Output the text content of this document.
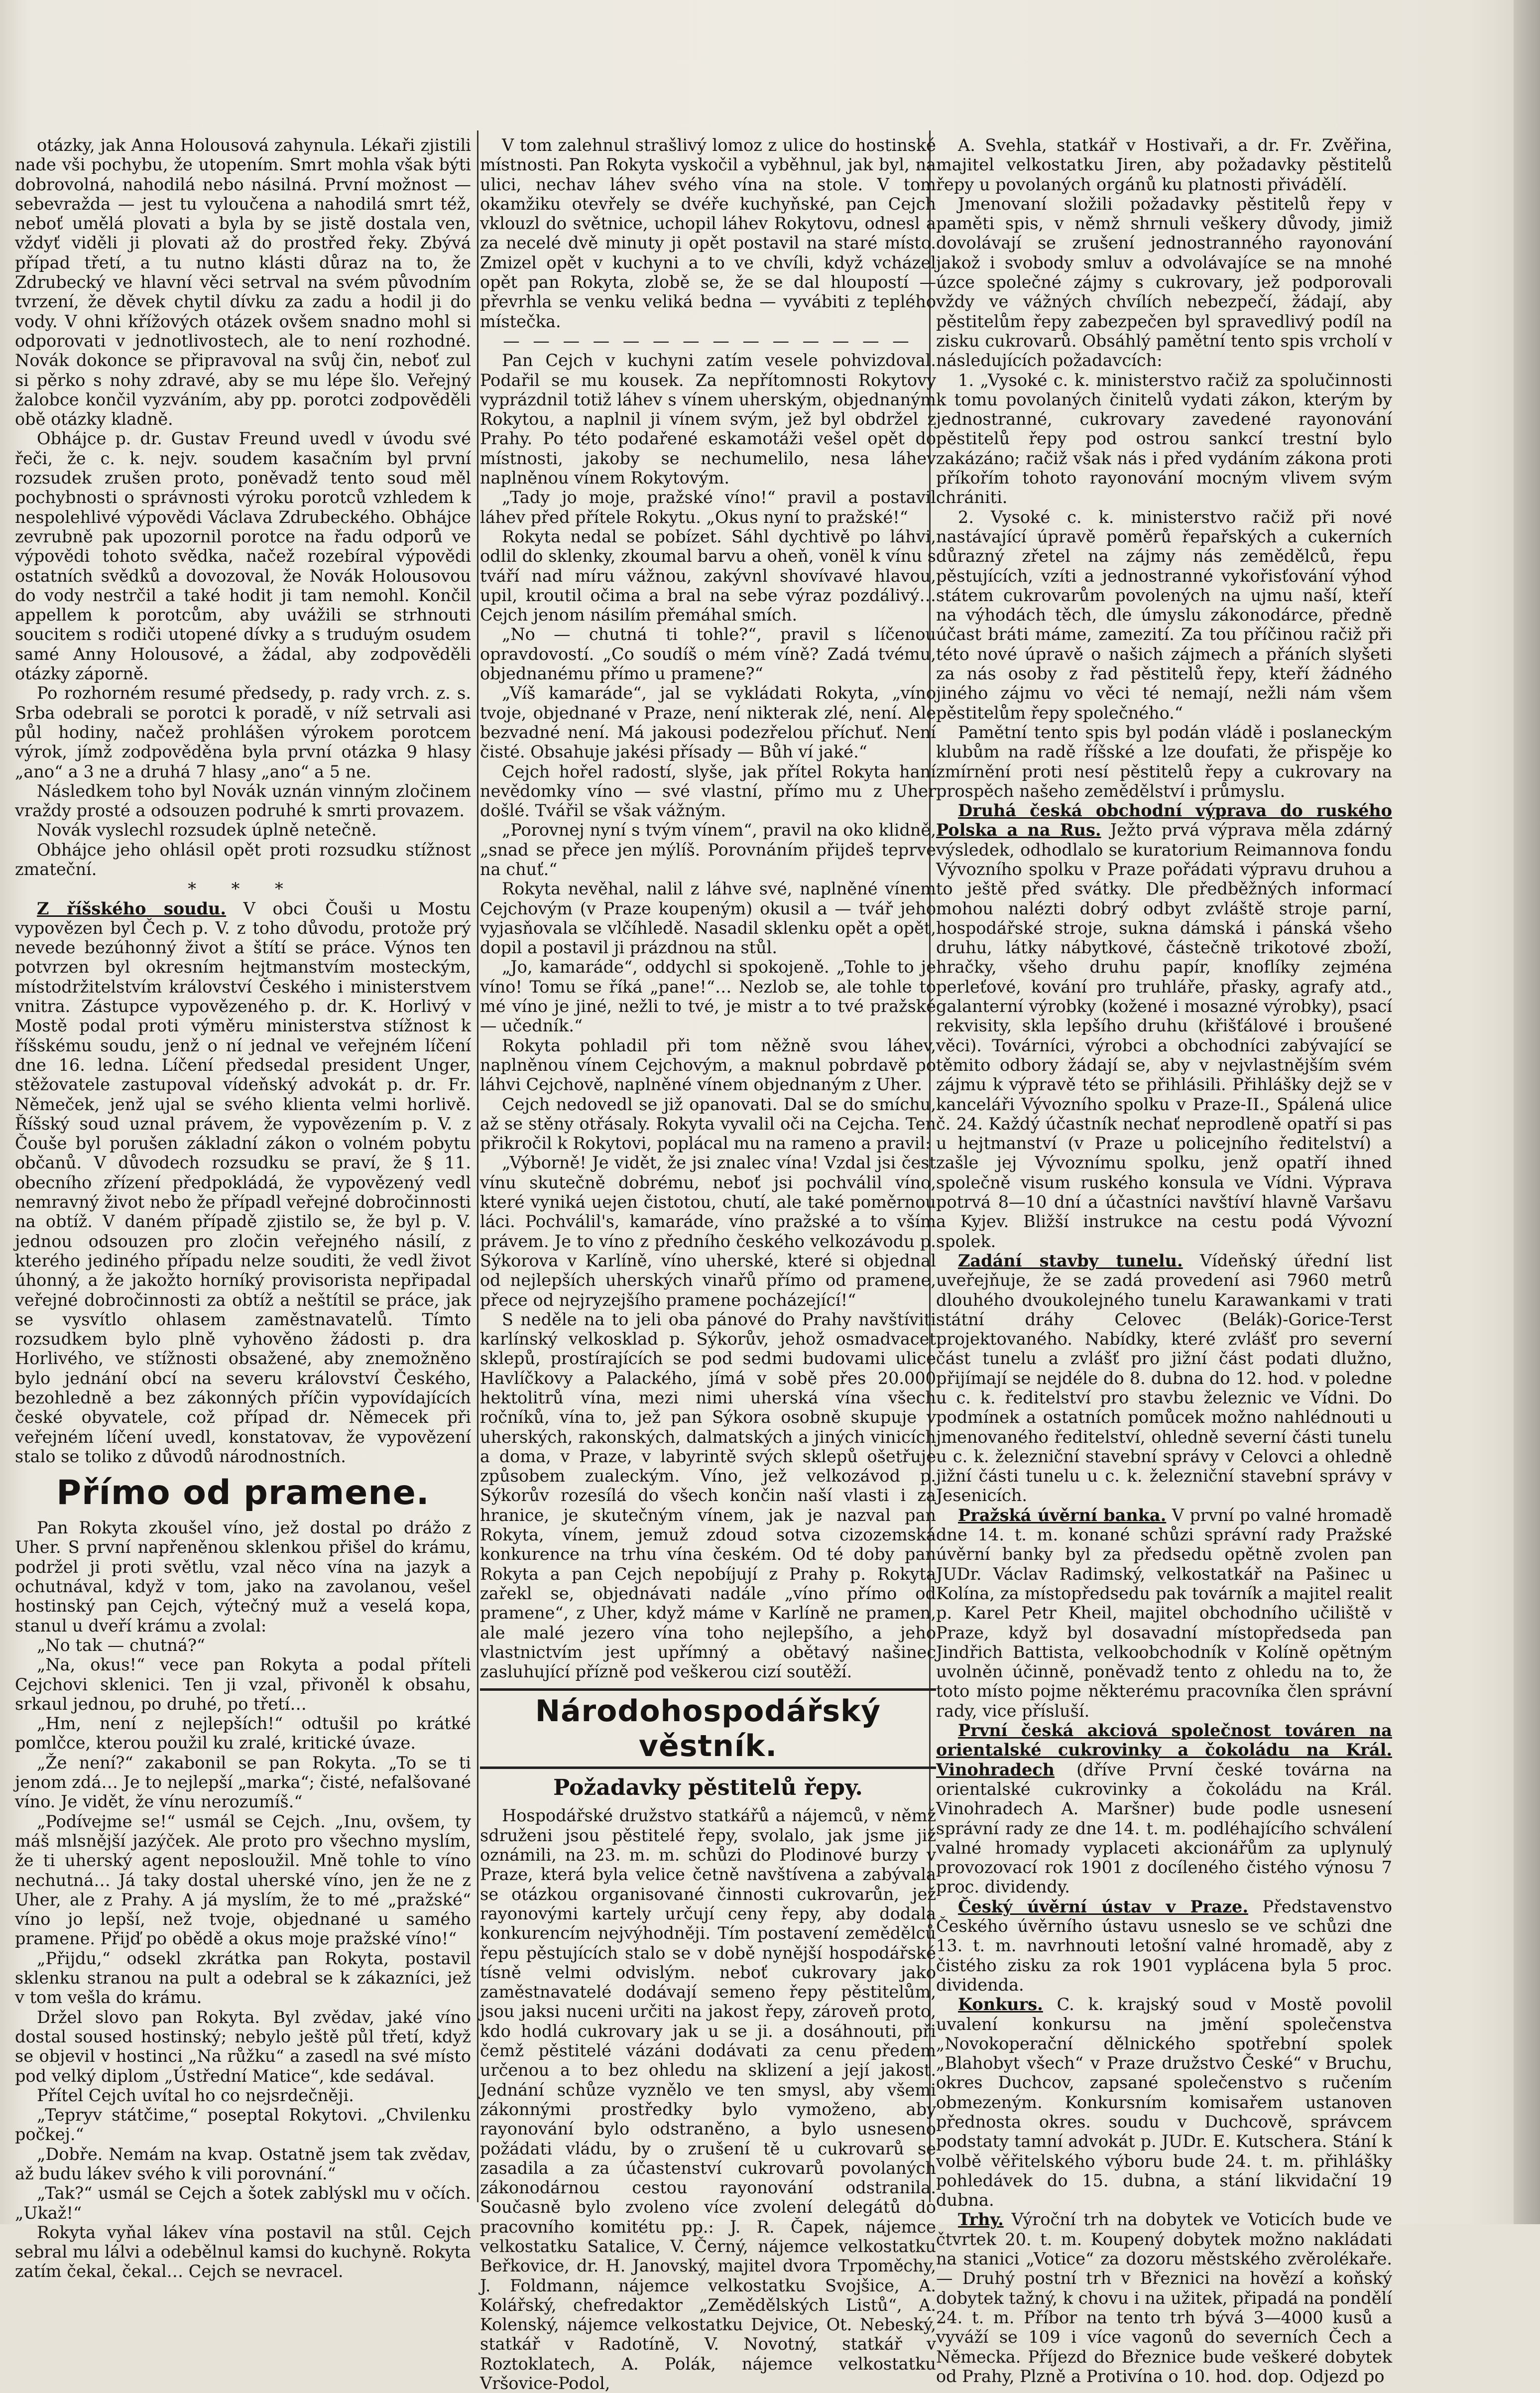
otázky, jak Anna Holousová zahynula. Lékaři zjistili nade vši pochybu, že utopením. Smrt mohla však býti dobrovolná, nahodilá nebo násilná. První možnost — sebevražda — jest tu vyloučena a nahodilá smrt též, neboť umělá plovati a byla by se jistě dostala ven, vždyť viděli ji plovati až do prostřed řeky. Zbývá případ třetí, a tu nutno klásti důraz na to, že Zdrubecký ve hlavní věci setrval na svém původním tvrzení, že děvek chytil dívku za zadu a hodil ji do vody. V ohni křížových otázek ovšem snadno mohl si odporovati v jednotlivostech, ale to není rozhodné. Novák dokonce se připravoval na svůj čin, neboť zul si pěrko s nohy zdravé, aby se mu lépe šlo. Veřejný žalobce končil vyzváním, aby pp. porotci zodpověděli obě otázky kladně.

Obhájce p. dr. Gustav Freund uvedl v úvodu své řeči, že c. k. nejv. soudem kasačním byl první rozsudek zrušen proto, poněvadž tento soud měl pochybnosti o správnosti výroku porotců vzhledem k nespolehlivé výpovědi Václava Zdrubeckého. Obhájce zevrubně pak upozornil porotce na řadu odporů ve výpovědi tohoto svědka, načež rozebíral výpovědi ostatních svědků a dovozoval, že Novák Holousovou do vody nestrčil a také hodit ji tam nemohl. Končil appellem k porotcům, aby uvážili se strhnouti soucitem s rodiči utopené dívky a s truduým osudem samé Anny Holousové, a žádal, aby zodpověděli otázky záporně.

Po rozhorném resumé předsedy, p. rady vrch. z. s. Srba odebrali se porotci k poradě, v níž setrvali asi půl hodiny, načež prohlášen výrokem porotcem výrok, jímž zodpověděna byla první otázka 9 hlasy „ano“ a 3 ne a druhá 7 hlasy „ano“ a 5 ne.

Následkem toho byl Novák uznán vinným zločinem vraždy prosté a odsouzen podruhé k smrti provazem.

Novák vyslechl rozsudek úplně netečně.

Obhájce jeho ohlásil opět proti rozsudku stížnost zmateční.

* * *

Z říšského soudu. V obci Čouši u Mostu vypovězen byl Čech p. V. z toho důvodu, protože prý nevede bezúhonný život a štítí se práce. Výnos ten potvrzen byl okresním hejtmanstvím mosteckým, místodržitelstvím království Českého i ministerstvem vnitra. Zástupce vypovězeného p. dr. K. Horlivý v Mostě podal proti výměru ministerstva stížnost k říšskému soudu, jenž o ní jednal ve veřejném líčení dne 16. ledna. Líčení předsedal president Unger, stěžovatele zastupoval vídeňský advokát p. dr. Fr. Němeček, jenž ujal se svého klienta velmi horlivě. Říšský soud uznal právem, že vypovězením p. V. z Čouše byl porušen základní zákon o volném pobytu občanů. V důvodech rozsudku se praví, že § 11. obecního zřízení předpokládá, že vypovězený vedl nemravný život nebo že případl veřejné dobročinnosti na obtíž. V daném případě zjistilo se, že byl p. V. jednou odsouzen pro zločin veřejného násilí, z kterého jediného případu nelze souditi, že vedl život úhonný, a že jakožto horníký provisorista nepřipadal veřejné dobročinnosti za obtíž a neštítil se práce, jak se vysvítlo ohlasem zaměstnavatelů. Tímto rozsudkem bylo plně vyhověno žádosti p. dra Horlivého, ve stížnosti obsažené, aby znemožněno bylo jednání obcí na severu království Českého, bezohledně a bez zákonných příčin vypovídajících české obyvatele, což případ dr. Němecek při veřejném líčení uvedl, konstatovav, že vypovězení stalo se toliko z důvodů národnostních.

Přímo od pramene.

Pan Rokyta zkoušel víno, jež dostal po drážo z Uher. S první napřeněnou sklenkou přišel do krámu, podržel ji proti světlu, vzal něco vína na jazyk a ochutnával, když v tom, jako na zavolanou, vešel hostinský pan Cejch, výtečný muž a veselá kopa, stanul u dveří krámu a zvolal:

„No tak — chutná?“

„Na, okus!“ vece pan Rokyta a podal příteli Cejchovi sklenici. Ten ji vzal, přivoněl k obsahu, srkaul jednou, po druhé, po třetí…

„Hm, není z nejlepších!“ odtušil po krátké pomlčce, kterou použil ku zralé, kritické úvaze.

„Že není?“ zakabonil se pan Rokyta. „To se ti jenom zdá… Je to nejlepší „marka“; čisté, nefalšované víno. Je vidět, že vínu nerozumíš.“

„Podívejme se!“ usmál se Cejch. „Inu, ovšem, ty máš mlsnější jazýček. Ale proto pro všechno myslím, že ti uherský agent neposloužil. Mně tohle to víno nechutná… Já taky dostal uherské víno, jen že ne z Uher, ale z Prahy. A já myslím, že to mé „pražské“ víno jo lepší, než tvoje, objednané u samého pramene. Přijď po obědě a okus moje pražské víno!“

„Přijdu,“ odsekl zkrátka pan Rokyta, postavil sklenku stranou na pult a odebral se k zákazníci, jež v tom vešla do krámu.

Držel slovo pan Rokyta. Byl zvědav, jaké víno dostal soused hostinský; nebylo ještě půl třetí, když se objevil v hostinci „Na růžku“ a zasedl na své místo pod velký diplom „Ústřední Matice“, kde sedával.

Přítel Cejch uvítal ho co nejsrdečněji.

„Tepryv státčime,“ poseptal Rokytovi. „Chvilenku počkej.“

„Dobře. Nemám na kvap. Ostatně jsem tak zvědav, až budu lákev svého k vili porovnání.“

„Tak?“ usmál se Cejch a šotek zablýskl mu v očích. „Ukaž!“

Rokyta vyňal lákev vína postavil na stůl. Cejch sebral mu lálvi a odebělnul kamsi do kuchyně. Rokyta zatím čekal, čekal… Cejch se nevracel.

V tom zalehnul strašlivý lomoz z ulice do hostinské místnosti. Pan Rokyta vyskočil a vyběhnul, jak byl, na ulici, nechav láhev svého vína na stole. V tom okamžiku otevřely se dvéře kuchyňské, pan Cejch vklouzl do světnice, uchopil láhev Rokytovu, odnesl a za necelé dvě minuty ji opět postavil na staré místo. Zmizel opět v kuchyni a to ve chvíli, když vcházel opět pan Rokyta, zlobě se, že se dal hloupostí — převrhla se venku veliká bedna — vyvábiti z teplého místečka.

— — — — — — — — — — — — — —

Pan Cejch v kuchyni zatím vesele pohvizdoval. Podařil se mu kousek. Za nepřítomnosti Rokytovy vyprázdnil totiž láhev s vínem uherským, objednaným Rokytou, a naplnil ji vínem svým, jež byl obdržel z Prahy. Po této podařené eskamotáži vešel opět do místnosti, jakoby se nechumelilo, nesa láhev naplněnou vínem Rokytovým.

„Tady jo moje, pražské víno!“ pravil a postavil láhev před přítele Rokytu. „Okus nyní to pražské!“

Rokyta nedal se pobízet. Sáhl dychtivě po láhvi, odlil do sklenky, zkoumal barvu a oheň, vonël k vínu s tváří nad míru vážnou, zakývnl shovívavé hlavou, upil, kroutil očima a bral na sebe výraz pozdálivý… Cejch jenom násilím přemáhal smích.

„No — chutná ti tohle?“, pravil s líčenou opravdovostí. „Co soudíš o mém víně? Zadá tvému, objednanému přímo u pramene?“

„Víš kamaráde“, jal se vykládati Rokyta, „víno tvoje, objednané v Praze, není nikterak zlé, není. Ale bezvadné není. Má jakousi podezřelou příchuť. Není čisté. Obsahuje jakési přísady — Bůh ví jaké.“

Cejch hořel radostí, slyše, jak přítel Rokyta haní nevědomky víno — své vlastní, přímo mu z Uher došlé. Tvářil se však vážným.

„Porovnej nyní s tvým vínem“, pravil na oko klidně, „snad se přece jen mýlíš. Porovnáním přijdeš teprve na chuť.“

Rokyta nevěhal, nalil z láhve své, naplněné vínem Cejchovým (v Praze koupeným) okusil a — tvář jeho vyjasňovala se vlčíhledě. Nasadil sklenku opět a opět, dopil a postavil ji prázdnou na stůl.

„Jo, kamaráde“, oddychl si spokojeně. „Tohle to je víno! Tomu se říká „pane!“… Nezlob se, ale tohle to mé víno je jiné, nežli to tvé, je mistr a to tvé pražské — učedník.“

Rokyta pohladil při tom něžně svou láhev, naplněnou vínem Cejchovým, a maknul pobrdavě po láhvi Cejchově, naplněné vínem objednaným z Uher.

Cejch nedovedl se již opanovati. Dal se do smíchu, až se stěny otřásaly. Rokyta vyvalil oči na Cejcha. Ten přikročil k Rokytovi, poplácal mu na rameno a pravil:

„Výborně! Je vidět, že jsi znalec vína! Vzdal jsi čest vínu skutečně dobrému, neboť jsi pochválil víno, které vyniká uejen čistotou, chutí, ale také poměrnou láci. Pochválil's, kamaráde, víno pražské a to vším právem. Je to víno z předního českého velkozávodu p. Sýkorova v Karlíně, víno uherské, které si objednal od nejlepších uherských vinařů přímo od pramene, přece od nejryzejšího pramene pocházející!“

S neděle na to jeli oba pánové do Prahy navštíviti karlínský velkosklad p. Sýkorův, jehož osmadvacet sklepů, prostírajících se pod sedmi budovami ulice Havlíčkovy a Palackého, jímá v sobě přes 20.000 hektolitrů vína, mezi nimi uherská vína všech ročníků, vína to, jež pan Sýkora osobně skupuje v uherských, rakonských, dalmatských a jiných vinicích a doma, v Praze, v labyrintě svých sklepů ošetřuje způsobem zualeckým. Víno, jež velkozávod p. Sýkorův rozesílá do všech končin naší vlasti i za hranice, je skutečným vínem, jak je nazval pan Rokyta, vínem, jemuž zdoud sotva cizozemská konkurence na trhu vína českém. Od té doby pan Rokyta a pan Cejch nepobíjují z Prahy p. Rokyta zařekl se, objednávati nadále „víno přímo od pramene“, z Uher, když máme v Karlíně ne pramen, ale malé jezero vína toho nejlepšího, a jeho vlastnictvím jest upřímný a obětavý našinec zasluhující přízně pod veškerou cizí soutěží.

Národohospodářský věstník.
Požadavky pěstitelů řepy.

Hospodářské družstvo statkářů a nájemců, v němž sdruženi jsou pěstitelé řepy, svolalo, jak jsme již oznámili, na 23. m. m. schůzi do Plodinové burzy v Praze, která byla velice četně navštívena a zabývala se otázkou organisované činnosti cukrovarůn, jež rayonovými kartely určují ceny řepy, aby dodala konkurencím nejvýhodněji. Tím postavení zemědělců řepu pěstujících stalo se v době nynější hospodářské tísně velmi odvislým. neboť cukrovary jako zaměstnavatelé dodávají semeno řepy pěstitelům, jsou jaksi nuceni určiti na jakost řepy, zároveň proto, kdo hodlá cukrovary jak u se ji. a dosáhnouti, při čemž pěstitelé vázáni dodávati za cenu předem určenou a to bez ohledu na sklizení a její jakost. Jednání schůze vyznělo ve ten smysl, aby všemi zákonnými prostředky bylo vymoženo, aby rayonování bylo odstraněno, a bylo usneseno požádati vládu, by o zrušení tě u cukrovarů se zasadila a za účastenství cukrovarů povolaných zákonodárnou cestou rayonování odstranila. Současně bylo zvoleno více zvolení delegátů do pracovního komitétu pp.: J. R. Čapek, nájemce velkostatku Satalice, V. Černý, nájemce velkostatku Beřkovice, dr. H. Janovský, majitel dvora Trpoměchy, J. Foldmann, nájemce velkostatku Svojšice, A. Kolářský, chefredaktor „Zemědělských Listů“, A. Kolenský, nájemce velkostatku Dejvice, Ot. Nebeský, statkář v Radotíně, V. Novotný, statkář v Roztoklatech, A. Polák, nájemce velkostatku Vršovice-Podol,

A. Svehla, statkář v Hostivaři, a dr. Fr. Zvěřina, majitel velkostatku Jiren, aby požadavky pěstitelů řepy u povolaných orgánů ku platnosti přivádělí.

Jmenovaní složili požadavky pěstitelů řepy v paměti spis, v němž shrnuli veškery důvody, jimiž dovolávají se zrušení jednostranného rayonování jakož i svobody smluv a odvolávajíce se na mnohé úzce společné zájmy s cukrovary, jež podporovali vždy ve vážných chvílích nebezpečí, žádají, aby pěstitelům řepy zabezpečen byl spravedlivý podíl na zisku cukrovarů. Obsáhlý pamětní tento spis vrcholí v následujících požadavcích:

1. „Vysoké c. k. ministerstvo račiž za spolučinnosti k tomu povolaných činitelů vydati zákon, kterým by jednostranné, cukrovary zavedené rayonování pěstitelů řepy pod ostrou sankcí trestní bylo zakázáno; račiž však nás i před vydáním zákona proti příkořím tohoto rayonování mocným vlivem svým chrániti.

2. Vysoké c. k. ministerstvo račiž při nové nastávající úpravě poměrů řepařských a cukerních důrazný zřetel na zájmy nás zemědělců, řepu pěstujících, vzíti a jednostranné vykořisťování výhod státem cukrovarům povolených na ujmu naší, kteří na výhodách těch, dle úmyslu zákonodárce, předně účast bráti máme, zamezití. Za tou příčinou račiž při této nové úpravě o našich zájmech a přáních slyšeti za nás osoby z řad pěstitelů řepy, kteří žádného jiného zájmu vo věci té nemají, nežli nám všem pěstitelům řepy společného.“

Pamětní tento spis byl podán vládě i poslaneckým klubům na radě říšské a lze doufati, že přispěje ko zmírnění proti nesí pěstitelů řepy a cukrovary na prospěch našeho zemědělství i průmyslu.

Druhá česká obchodní výprava do ruského Polska a na Rus. Ježto prvá výprava měla zdárný výsledek, odhodlalo se kuratorium Reimannova fondu Vývozního spolku v Praze pořádati výpravu druhou a to ještě před svátky. Dle předběžných informací mohou nalézti dobrý odbyt zvláště stroje parní, hospodářské stroje, sukna dámská i pánská všeho druhu, látky nábytkové, částečně trikotové zboží, hračky, všeho druhu papír, knoflíky zejména perleťové, kování pro truhláře, přasky, agrafy atd., galanterní výrobky (kožené i mosazné výrobky), psací rekvisity, skla lepšího druhu (křišťálové i broušené věci). Továrníci, výrobci a obchodníci zabývající se těmito odbory žádají se, aby v nejvlastnějším svém zájmu k výpravě této se přihlásili. Přihlášky dejž se v kanceláři Vývozního spolku v Praze-II., Spálená ulice č. 24. Každý účastník nechať neprodleně opatří si pas u hejtmanství (v Praze u policejního ředitelství) a zašle jej Vývoznímu spolku, jenž opatří ihned společně visum ruského konsula ve Vídni. Výprava potrvá 8—10 dní a účastníci navštíví hlavně Varšavu a Kyjev. Bližší instrukce na cestu podá Vývozní spolek.

Zadání stavby tunelu. Vídeňský úřední list uveřejňuje, že se zadá provedení asi 7960 metrů dlouhého dvoukolejného tunelu Karawankami v trati státní dráhy Celovec (Belák)-Gorice-Terst projektovaného. Nabídky, které zvlášť pro severní část tunelu a zvlášť pro jižní část podati dlužno, přijímají se nejdéle do 8. dubna do 12. hod. v poledne u c. k. ředitelství pro stavbu železnic ve Vídni. Do podmínek a ostatních pomůcek možno nahlédnouti u jmenovaného ředitelství, ohledně severní části tunelu u c. k. železniční stavební správy v Celovci a ohledně jižní části tunelu u c. k. železniční stavební správy v Jesenicích.

Pražská úvěrní banka. V první po valné hromadě dne 14. t. m. konané schůzi správní rady Pražské úvěrní banky byl za předsedu opětně zvolen pan JUDr. Václav Radimský, velkostatkář na Pašinec u Kolína, za místopředsedu pak továrník a majitel realit p. Karel Petr Kheil, majitel obchodního učiliště v Praze, když byl dosavadní místopředseda pan Jindřich Battista, velkoobchodník v Kolíně opětným uvolněn účinně, poněvadž tento z ohledu na to, že toto místo pojme některému pracovníka člen správní rady, vice přísluší.

První česká akciová společnost továren na orientalské cukrovinky a čokoládu na Král. Vinohradech (dříve První české továrna na orientalské cukrovinky a čokoládu na Král. Vinohradech A. Maršner) bude podle usnesení správní rady ze dne 14. t. m. podléhajícího schválení valné hromady vyplaceti akcionářům za uplynulý provozovací rok 1901 z docíleného čistého výnosu 7 proc. dividendy.

Český úvěrní ústav v Praze. Představenstvo Českého úvěrního ústavu usneslo se ve schůzi dne 13. t. m. navrhnouti letošní valné hromadě, aby z čistého zisku za rok 1901 vyplácena byla 5 proc. dividenda.

Konkurs. C. k. krajský soud v Mostě povolil uvalení konkursu na jmění společenstva „Novokoperační dělnického spotřební spolek „Blahobyt všech“ v Praze družstvo České“ v Bruchu, okres Duchcov, zapsané společenstvo s ručením obmezeným. Konkursním komisařem ustanoven přednosta okres. soudu v Duchcově, správcem podstaty tamní advokát p. JUDr. E. Kutschera. Stání k volbě věřitelského výboru bude 24. t. m. přihlášky pohledávek do 15. dubna, a stání likvidační 19 dubna.

Trhy. Výroční trh na dobytek ve Voticích bude ve čtvrtek 20. t. m. Koupený dobytek možno nakládati na stanici „Votice“ za dozoru městského zvěrolékaře. — Druhý postní trh v Březnici na hovězí a koňský dobytek tažný, k chovu i na užitek, připadá na pondělí 24. t. m. Příbor na tento trh bývá 3—4000 kusů a vyváží se 109 i více vagonů do severních Čech a Německa. Příjezd do Březnice bude veškeré dobytek od Prahy, Plzně a Protivína o 10. hod. dop. Odjezd po
